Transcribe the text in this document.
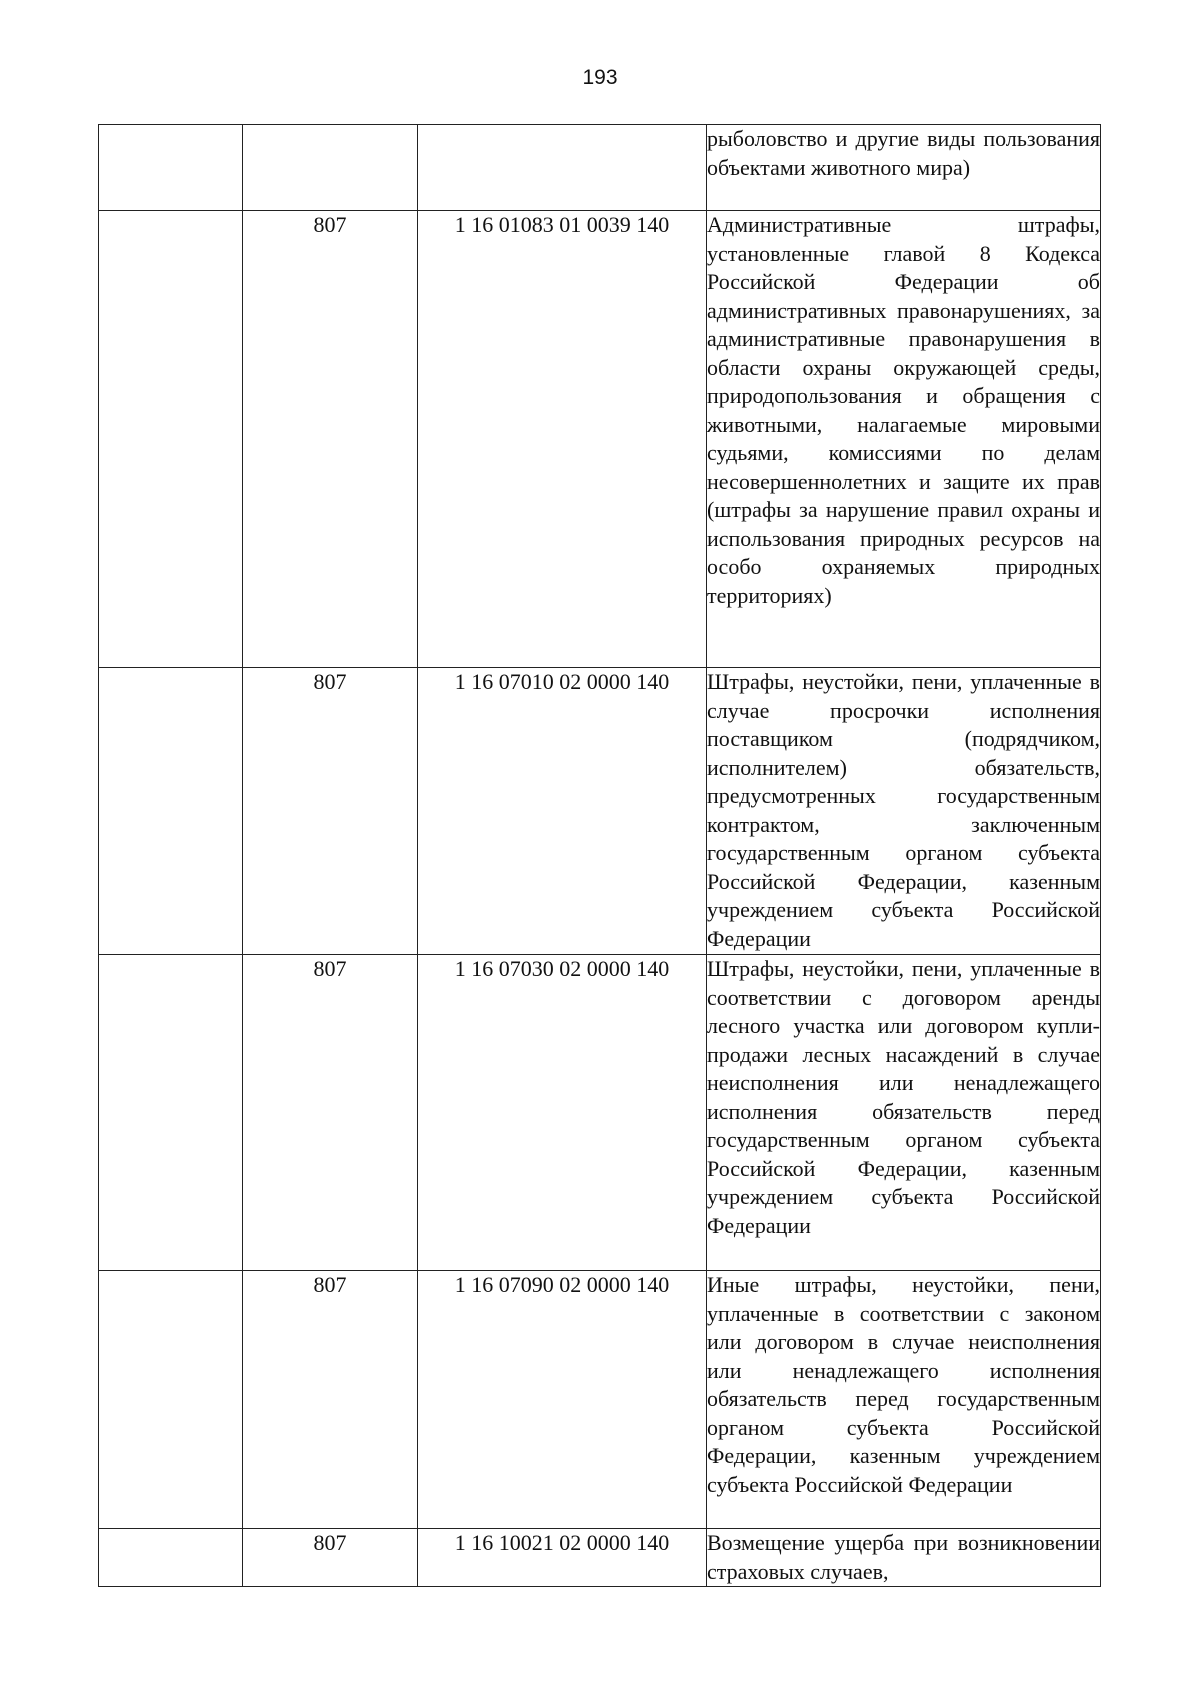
193
			рыболовство и другие виды пользования объектами животного мира)
	807	1 16 01083 01 0039 140	Административные штрафы, установленные главой 8 Кодекса Российской Федерации об административных правонарушениях, за административные правонарушения в области охраны окружающей среды, природопользования и обращения с животными, налагаемые мировыми судьями, комиссиями по делам несовершеннолетних и защите их прав (штрафы за нарушение правил охраны и использования природных ресурсов на особо охраняемых природных территориях)
	807	1 16 07010 02 0000 140	Штрафы, неустойки, пени, уплаченные в случае просрочки исполнения поставщиком (подрядчиком, исполнителем) обязательств, предусмотренных государственным контрактом, заключенным государственным органом субъекта Российской Федерации, казенным учреждением субъекта Российской Федерации
	807	1 16 07030 02 0000 140	Штрафы, неустойки, пени, уплаченные в соответствии с договором аренды лесного участка или договором купли-продажи лесных насаждений в случае неисполнения или ненадлежащего исполнения обязательств перед государственным органом субъекта Российской Федерации, казенным учреждением субъекта Российской Федерации
	807	1 16 07090 02 0000 140	Иные штрафы, неустойки, пени, уплаченные в соответствии с законом или договором в случае неисполнения или ненадлежащего исполнения обязательств перед государственным органом субъекта Российской Федерации, казенным учреждением субъекта Российской Федерации
	807	1 16 10021 02 0000 140	Возмещение ущерба при возникновении страховых случаев,
